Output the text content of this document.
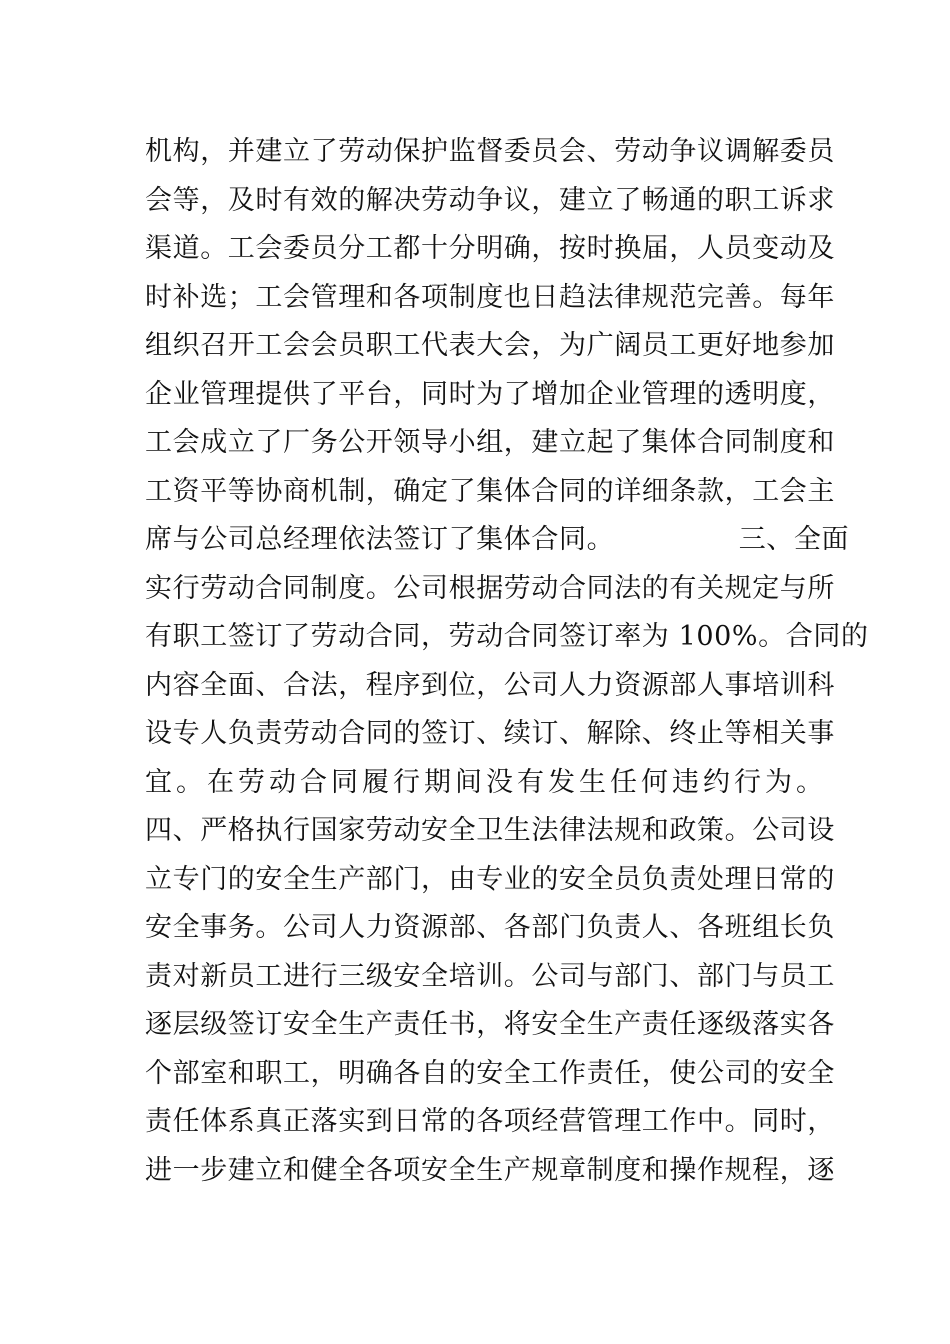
机构，并建立了劳动保护监督委员会、劳动争议调解委员
会等，及时有效的解决劳动争议，建立了畅通的职工诉求
渠道。工会委员分工都十分明确，按时换届，人员变动及
时补选；工会管理和各项制度也日趋法律规范完善。每年
组织召开工会会员职工代表大会，为广阔员工更好地参加
企业管理提供了平台，同时为了增加企业管理的透明度，
工会成立了厂务公开领导小组，建立起了集体合同制度和
工资平等协商机制，确定了集体合同的详细条款，工会主
席与公司总经理依法签订了集体合同。　　　　　三、全面
实行劳动合同制度。公司根据劳动合同法的有关规定与所
有职工签订了劳动合同，劳动合同签订率为 100%。合同的
内容全面、合法，程序到位，公司人力资源部人事培训科
设专人负责劳动合同的签订、续订、解除、终止等相关事
宜。在劳动合同履行期间没有发生任何违约行为。
四、严格执行国家劳动安全卫生法律法规和政策。公司设
立专门的安全生产部门，由专业的安全员负责处理日常的
安全事务。公司人力资源部、各部门负责人、各班组长负
责对新员工进行三级安全培训。公司与部门、部门与员工
逐层级签订安全生产责任书，将安全生产责任逐级落实各
个部室和职工，明确各自的安全工作责任，使公司的安全
责任体系真正落实到日常的各项经营管理工作中。同时，
进一步建立和健全各项安全生产规章制度和操作规程，逐
